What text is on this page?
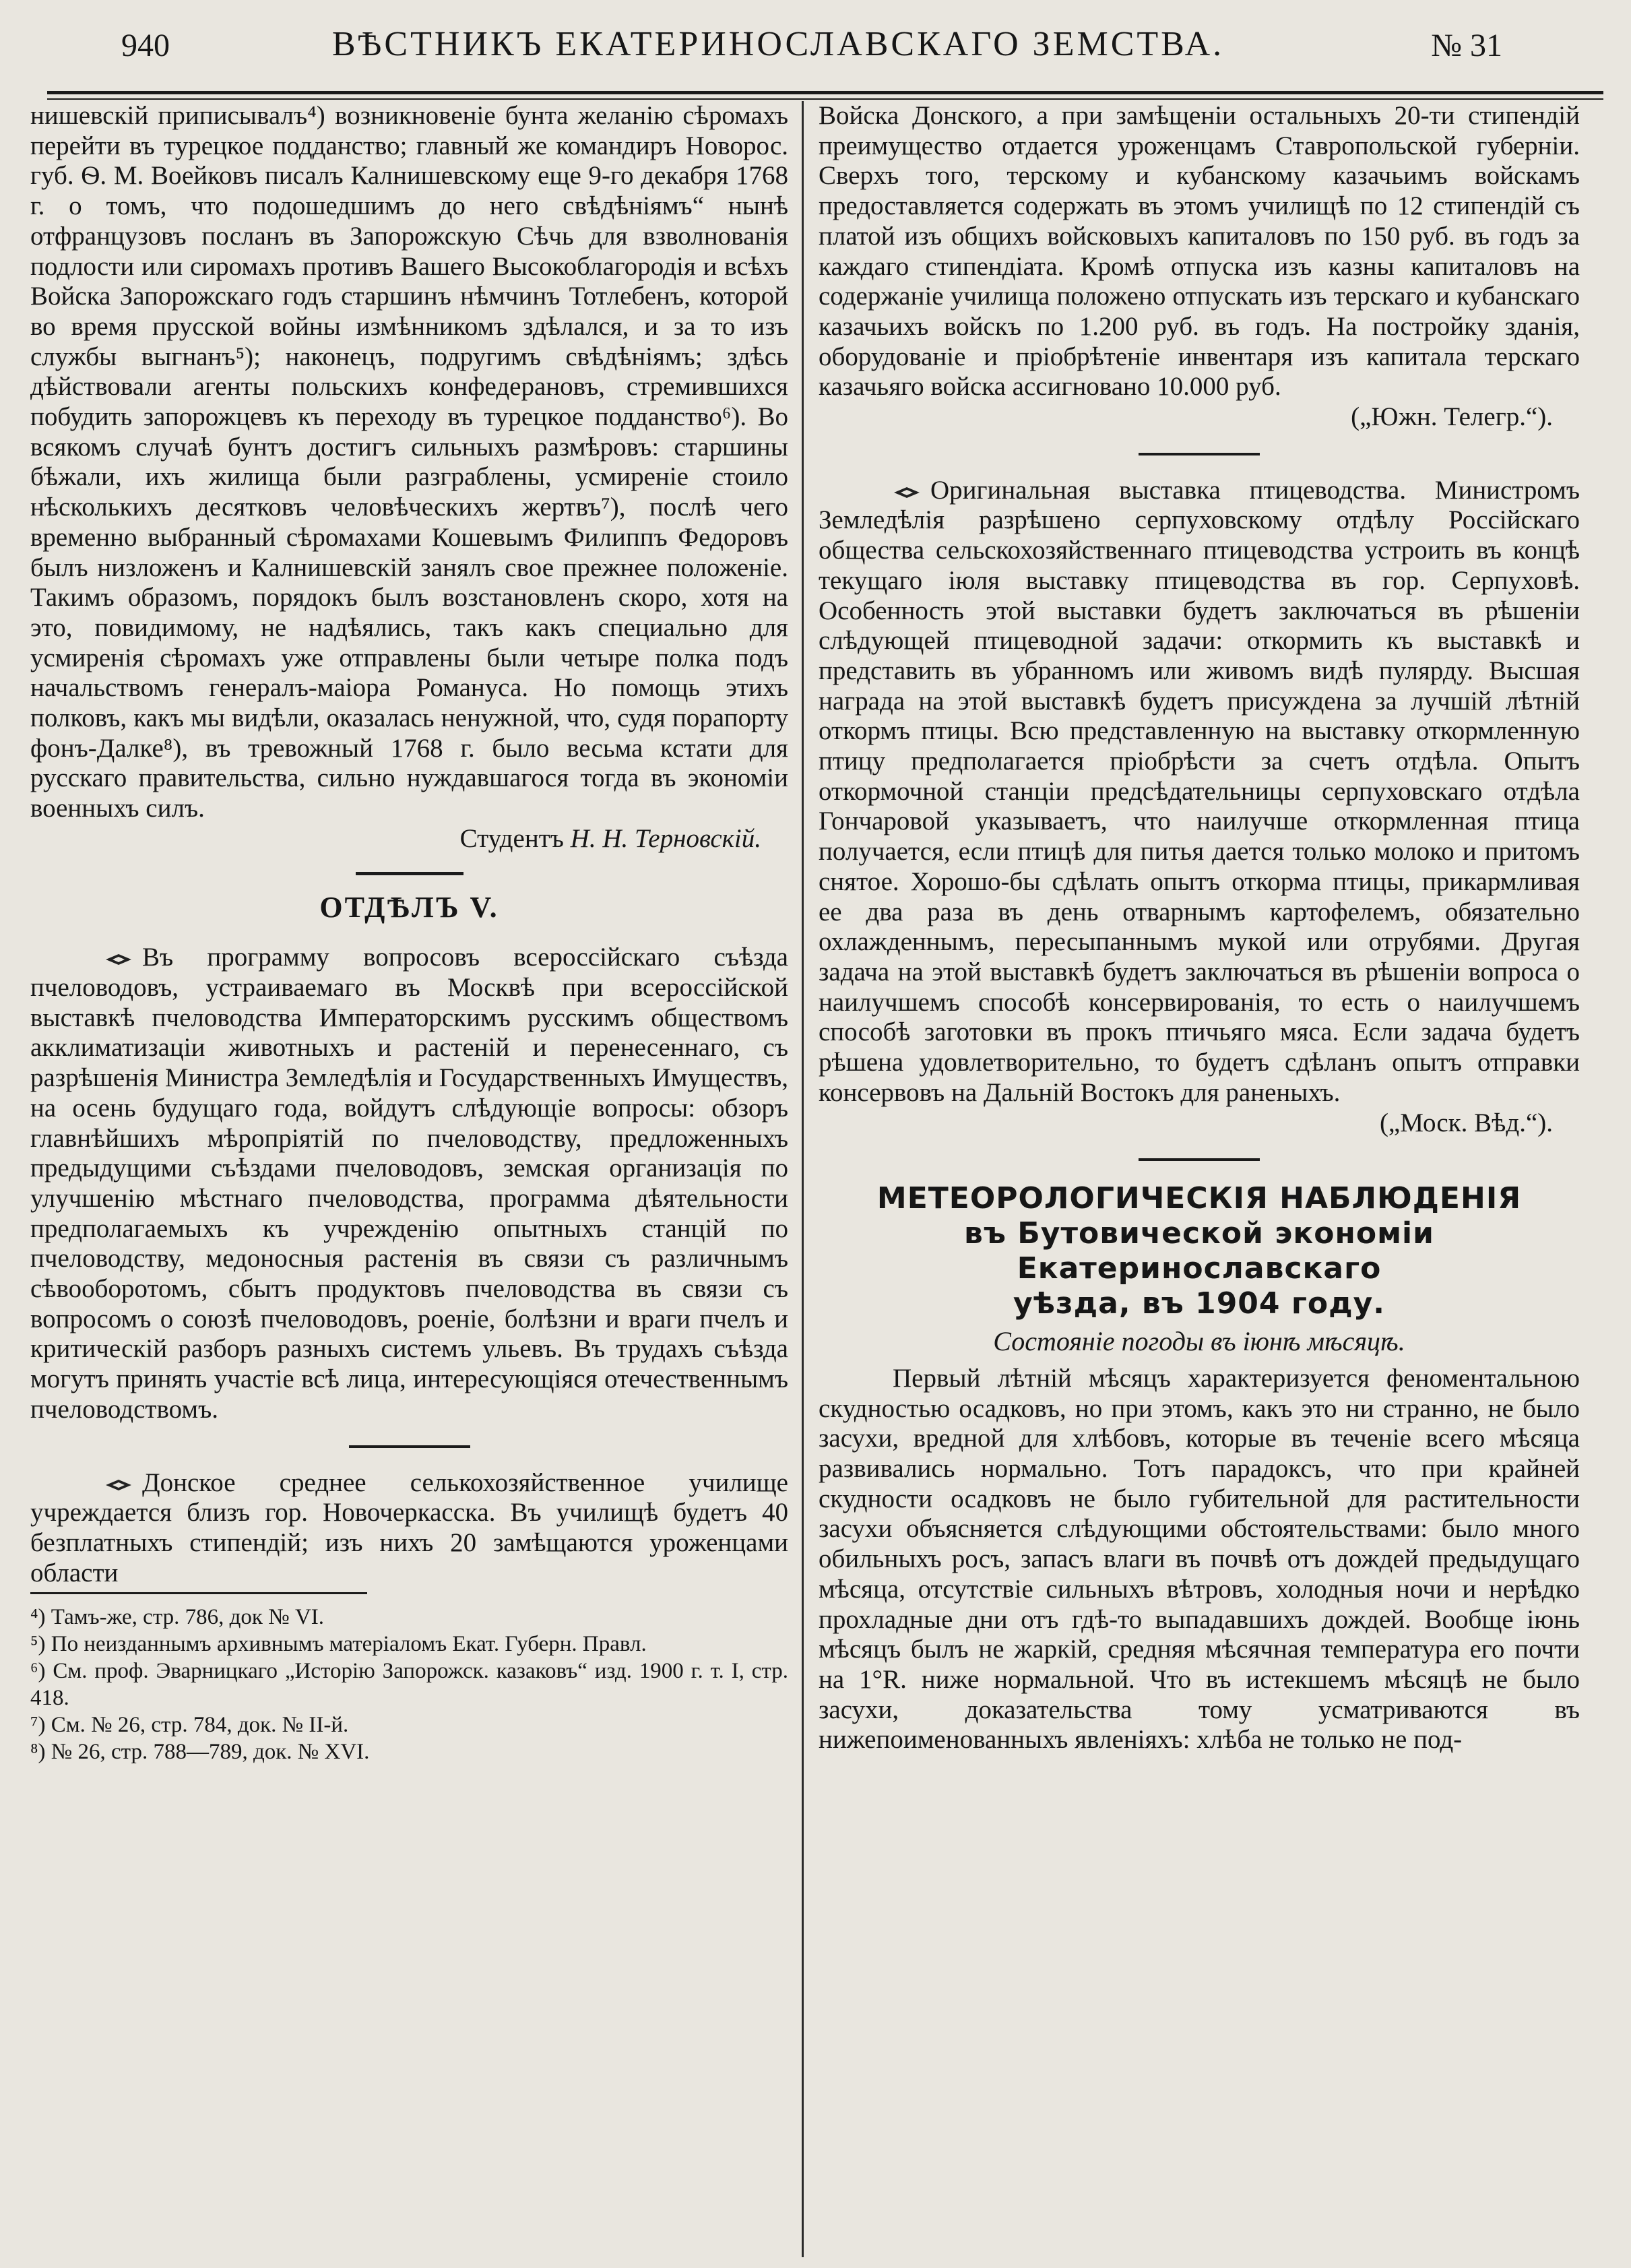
940	ВѢСТНИКЪ ЕКАТЕРИНОСЛАВСКАГО ЗЕМСТВА.	№ 31

нишевскій приписывалъ⁴) возникновеніе бунта желанію сѣромахъ перейти въ турецкое подданство; главный же командиръ Новорос. губ. Ѳ. М. Воейковъ писалъ Калнишевскому еще 9-го декабря 1768 г. о томъ, что подошедшимъ до него свѣдѣніямъ“ нынѣ отфранцузовъ посланъ въ Запорожскую Сѣчь для взволнованія подлости или сиромахъ противъ Вашего Высокоблагородія и всѣхъ Войска Запорожскаго годъ старшинъ нѣмчинъ Тотлебенъ, которой во время прусской войны измѣнникомъ здѣлался, и за то изъ службы выгнанъ⁵); наконецъ, подругимъ свѣдѣніямъ; здѣсь дѣйствовали агенты польскихъ конфедерановъ, стремившихся побудить запорожцевъ къ переходу въ турецкое подданство⁶). Во всякомъ случаѣ бунтъ достигъ сильныхъ размѣровъ: старшины бѣжали, ихъ жилища были разграблены, усмиреніе стоило нѣсколькихъ десятковъ человѣческихъ жертвъ⁷), послѣ чего временно выбранный сѣромахами Кошевымъ Филиппъ Федоровъ былъ низложенъ и Калнишевскій занялъ свое прежнее положеніе. Такимъ образомъ, порядокъ былъ возстановленъ скоро, хотя на это, повидимому, не надѣялись, такъ какъ специально для усмиренія сѣромахъ уже отправлены были четыре полка подъ начальствомъ генералъ-маіора Романуса. Но помощь этихъ полковъ, какъ мы видѣли, оказалась ненужной, что, судя порапорту фонъ-Далке⁸), въ тревожный 1768 г. было весьма кстати для русскаго правительства, сильно нуждавшагося тогда въ экономіи военныхъ силъ.

Студентъ Н. Н. Терновскій.

ОТДѢЛЪ V.

Въ программу вопросовъ всероссійскаго съѣзда пчеловодовъ, устраиваемаго въ Москвѣ при всероссійской выставкѣ пчеловодства Императорскимъ русскимъ обществомъ акклиматизаціи животныхъ и растеній и перенесеннаго, съ разрѣшенія Министра Земледѣлія и Государственныхъ Имуществъ, на осень будущаго года, войдутъ слѣдующіе вопросы: обзоръ главнѣйшихъ мѣропріятій по пчеловодству, предложенныхъ предыдущими съѣздами пчеловодовъ, земская организація по улучшенію мѣстнаго пчеловодства, программа дѣятельности предполагаемыхъ къ учрежденію опытныхъ станцій по пчеловодству, медоносныя растенія въ связи съ различнымъ сѣвооборотомъ, сбытъ продуктовъ пчеловодства въ связи съ вопросомъ о союзѣ пчеловодовъ, роеніе, болѣзни и враги пчелъ и критическій разборъ разныхъ системъ ульевъ. Въ трудахъ съѣзда могутъ принять участіе всѣ лица, интересующіяся отечественнымъ пчеловодствомъ.

Донское среднее селькохозяйственное училище учреждается близъ гор. Новочеркасска. Въ училищѣ будетъ 40 безплатныхъ стипендій; изъ нихъ 20 замѣщаются уроженцами области

⁴) Тамъ-же, стр. 786, док № VI.

⁵) По неизданнымъ архивнымъ матеріаломъ Екат. Губерн. Правл.

⁶) См. проф. Эварницкаго „Исторію Запорожск. казаковъ“ изд. 1900 г. т. I, стр. 418.

⁷) См. № 26, стр. 784, док. № II-й.

⁸) № 26, стр. 788—789, док. № XVI.

Войска Донского, а при замѣщеніи остальныхъ 20-ти стипендій преимущество отдается уроженцамъ Ставропольской губерніи. Сверхъ того, терскому и кубанскому казачьимъ войскамъ предоставляется содержать въ этомъ училищѣ по 12 стипендій съ платой изъ общихъ войсковыхъ капиталовъ по 150 руб. въ годъ за каждаго стипендіата. Кромѣ отпуска изъ казны капиталовъ на содержаніе училища положено отпускать изъ терскаго и кубанскаго казачьихъ войскъ по 1.200 руб. въ годъ. На постройку зданія, оборудованіе и пріобрѣтеніе инвентаря изъ капитала терскаго казачьяго войска ассигновано 10.000 руб.

(„Южн. Телегр.“).

Оригинальная выставка птицеводства. Министромъ Земледѣлія разрѣшено серпуховскому отдѣлу Россійскаго общества сельскохозяйственнаго птицеводства устроить въ концѣ текущаго іюля выставку птицеводства въ гор. Серпуховѣ. Особенность этой выставки будетъ заключаться въ рѣшеніи слѣдующей птицеводной задачи: откормить къ выставкѣ и представить въ убранномъ или живомъ видѣ пулярду. Высшая награда на этой выставкѣ будетъ присуждена за лучшій лѣтній откормъ птицы. Всю представленную на выставку откормленную птицу предполагается пріобрѣсти за счетъ отдѣла. Опытъ откормочной станціи предсѣдательницы серпуховскаго отдѣла Гончаровой указываетъ, что наилучше откормленная птица получается, если птицѣ для питья дается только молоко и притомъ снятое. Хорошо-бы сдѣлать опытъ откорма птицы, прикармливая ее два раза въ день отварнымъ картофелемъ, обязательно охлажденнымъ, пересыпаннымъ мукой или отрубями. Другая задача на этой выставкѣ будетъ заключаться въ рѣшеніи вопроса о наилучшемъ способѣ консервированія, то есть о наилучшемъ способѣ заготовки въ прокъ птичьяго мяса. Если задача будетъ рѣшена удовлетворительно, то будетъ сдѣланъ опытъ отправки консервовъ на Дальній Востокъ для раненыхъ.

(„Моск. Вѣд.“).

МЕТЕОРОЛОГИЧЕСКІЯ НАБЛЮДЕНІЯ
въ Бутовической экономіи Екатеринославскаго
уѣзда, въ 1904 году.
Состояніе погоды въ іюнѣ мѣсяцѣ.

Первый лѣтній мѣсяцъ характеризуется феноментальною скудностью осадковъ, но при этомъ, какъ это ни странно, не было засухи, вредной для хлѣбовъ, которые въ теченіе всего мѣсяца развивались нормально. Тотъ парадоксъ, что при крайней скудности осадковъ не было губительной для растительности засухи объясняется слѣдующими обстоятельствами: было много обильныхъ росъ, запасъ влаги въ почвѣ отъ дождей предыдущаго мѣсяца, отсутствіе сильныхъ вѣтровъ, холодныя ночи и нерѣдко прохладные дни отъ гдѣ-то выпадавшихъ дождей. Вообще іюнь мѣсяцъ былъ не жаркій, средняя мѣсячная температура его почти на 1°R. ниже нормальной. Что въ истекшемъ мѣсяцѣ не было засухи, доказательства тому усматриваются въ нижепоименованныхъ явленіяхъ: хлѣба не только не под-
